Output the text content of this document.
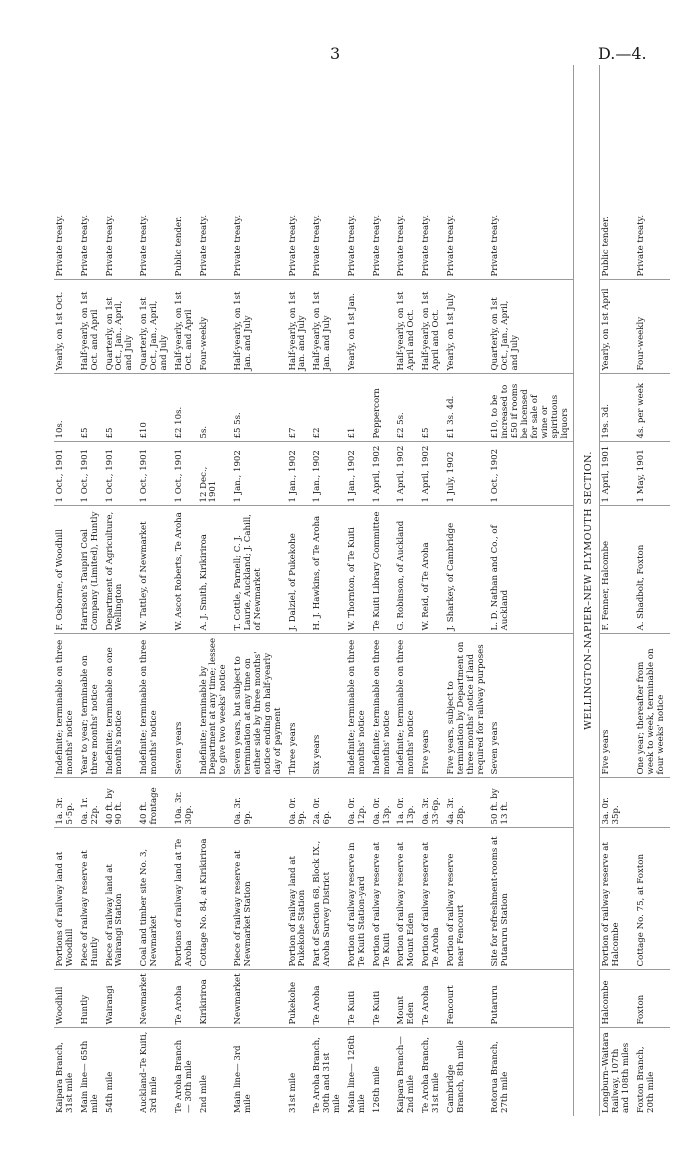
3	D.—4.
Kaipara Branch, 31st mile	Woodhill	Portions of railway land at Woodhill	1a. 3r. 5·5p.	Indefinite; terminable on three months' notice	F. Osborne, of Woodhill	1 Oct., 1901	10s.	Yearly, on 1st Oct.	Private treaty.
Main line— 65th mile	Huntly	Piece of railway reserve at Huntly	0a. 1r. 22p.	Year to year; terminable on three months' notice	Harrison's Taupiri Coal Company (Limited), Huntly	1 Oct., 1901	£5	Half-yearly, on 1st Oct. and April	Private treaty.
54th mile	Wairangi	Piece of railway land at Wairangi Station	40 ft. by 90 ft.	Indefinite; terminable on one month's notice	Department of Agriculture, Wellington	1 Oct., 1901	£5	Quarterly, on 1st Oct., Jan., April, and July	Private treaty.
Auckland–Te Kuiti, 3rd mile	Newmarket	Coal and timber site No. 3, Newmarket	40 ft. frontage	Indefinite; terminable on three months' notice	W. Tattley, of Newmarket	1 Oct., 1901	£10	Quarterly, on 1st Oct., Jan., April, and July	Private treaty.
Te Aroha Branch— 30th mile	Te Aroha	Portions of railway land at Te Aroha	10a. 3r. 30p.	Seven years	W. Ascot Roberts, Te Aroha	1 Oct., 1901	£2 10s.	Half-yearly, on 1st Oct. and April	Public tender.
2nd mile	Kirikiriroa	Cottage No. 84, at Kirikiriroa		Indefinite; terminable by Department at any time; lessee to give two weeks' notice	A. J. Smith, Kirikiriroa	12 Dec., 1901	5s.	Four-weekly	Private treaty.
Main line— 3rd mile	Newmarket	Piece of railway reserve at Newmarket Station	0a. 3r. 9p.	Seven years, but subject to termination at any time on either side by three months' notice ending on half-yearly day of payment	T. Cottle, Parnell; C. J. Laurie, Auckland; J. Cahill, of Newmarket	1 Jan., 1902	£5 5s.	Half-yearly, on 1st Jan. and July	Private treaty.
31st mile	Pukekohe	Portion of railway land at Pukekohe Station	0a. 0r. 9p.	Three years	J. Dalziel, of Pukekohe	1 Jan., 1902	£7	Half-yearly, on 1st Jan. and July	Private treaty.
Te Aroha Branch, 30th and 31st mile	Te Aroha	Part of Section 68, Block IX., Aroha Survey District	2a. 0r. 6p.	Six years	H. J. Hawkins, of Te Aroha	1 Jan., 1902	£2	Half-yearly, on 1st Jan. and July	Private treaty.
Main line— 126th mile	Te Kuiti	Portion of railway reserve in Te Kuiti Station-yard	0a. 0r. 12p.	Indefinite; terminable on three months' notice	W. Thornton, of Te Kuiti	1 Jan., 1902	£1	Yearly, on 1st Jan.	Private treaty.
126th mile	Te Kuiti	Portion of railway reserve at Te Kuiti	0a. 0r. 13p.	Indefinite; terminable on three months' notice	Te Kuiti Library Committee	1 April, 1902	Peppercorn		Private treaty.
Kaipara Branch— 2nd mile	Mount Eden	Portion of railway reserve at Mount Eden	1a. 0r. 13p.	Indefinite; terminable on three months' notice	G. Robinson, of Auckland	1 April, 1902	£2 5s.	Half-yearly, on 1st April and Oct.	Private treaty.
Te Aroha Branch, 31st mile	Te Aroha	Portion of railway reserve at Te Aroha	0a. 3r. 33·6p.	Five years	W. Reid, of Te Aroha	1 April, 1902	£5	Half-yearly, on 1st April and Oct.	Private treaty.
Cambridge Branch, 8th mile	Fencourt	Portion of railway reserve near Fencourt	4a. 3r. 28p.	Five years, subject to termination by Department on three months' notice if land required for railway purposes	J. Sharkey, of Cambridge	1 July, 1902	£1 3s. 4d.	Yearly, on 1st July	Private treaty.
Rotorua Branch, 27th mile	Putaruru	Site for refreshment-rooms at Putaruru Station	50 ft. by 13 ft.	Seven years	L. D. Nathan and Co., of Auckland	1 Oct., 1902	£10, to be increased to £50 if rooms be licensed for sale of wine or spirituous liquors	Quarterly, on 1st Oct., Jan., April, and July	Private treaty.
WELLINGTON–NAPIER–NEW PLYMOUTH SECTION.									
Longburn–Waitara Railway, 107th and 108th miles	Halcombe	Portion of railway reserve at Halcombe	3a. 0r. 35p.	Five years	F. Fenner, Halcombe	1 April, 1901	19s. 3d.	Yearly, on 1st April	Public tender.
Foxton Branch, 20th mile	Foxton	Cottage No. 75, at Foxton		One year; thereafter from week to week, terminable on four weeks' notice	A. Shadbolt, Foxton	1 May, 1901	4s. per week	Four-weekly	Private treaty.
